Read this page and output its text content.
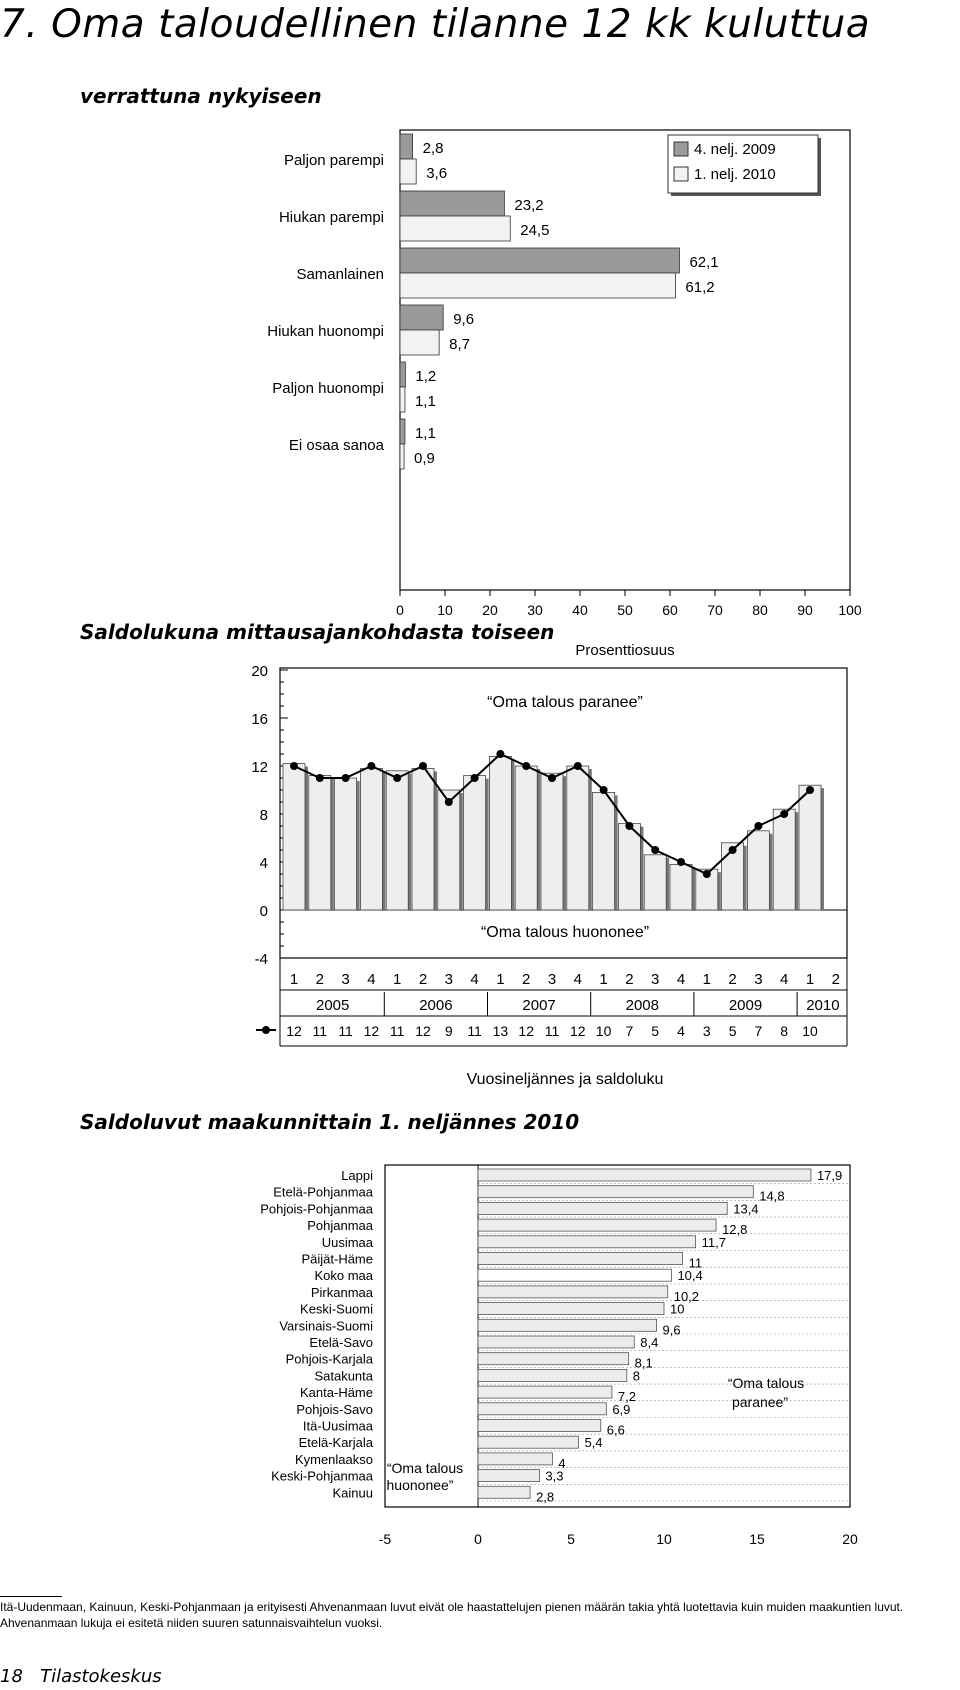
7. Oma taloudellinen tilanne 12 kk kuluttua
verrattuna nykyiseen
0 10 20 30 40 50 60 70 80 90 100
Prosenttiosuus
Paljon parempi
2,8
3,6
Hiukan parempi
23,2
24,5
Samanlainen
62,1
61,2
Hiukan huonompi
9,6
8,7
Paljon huonompi
1,2
1,1
Ei osaa sanoa
1,1
0,9
4. nelj. 2009
1. nelj. 2010
Saldolukuna mittausajankohdasta toiseen
20
16
12
8
4
0
-4
“Oma talous paranee”
“Oma talous huononee”
1 2 3 4 1 2 3 4 1 2 3 4 1 2 3 4 1 2 3 4 1 2
2005	2006	2007	2008	2009	2010
12 11 11 12 11 12 9 11 13 12 11 12 10 7 5 4 3 5 7 8 10
Vuosineljännes ja saldoluku
Saldoluvut maakunnittain 1. neljännes 2010
-5	0	5	10	15	20
Lappi	17,9
Etelä-Pohjanmaa	14,8
Pohjois-Pohjanmaa	13,4
Pohjanmaa	12,8
Uusimaa	11,7
Päijät-Häme	11
Koko maa	10,4
Pirkanmaa	10,2
Keski-Suomi	10
Varsinais-Suomi	9,6
Etelä-Savo	8,4
Pohjois-Karjala	8,1
Satakunta	8
Kanta-Häme	7,2
Pohjois-Savo	6,9
Itä-Uusimaa	6,6
Etelä-Karjala	5,4
Kymenlaakso	4
Keski-Pohjanmaa	3,3
Kainuu	2,8
“Oma talous
huononee”
“Oma talous
paranee”
Itä-Uudenmaan, Kainuun, Keski-Pohjanmaan ja erityisesti Ahvenanmaan luvut eivät ole haastattelujen pienen määrän takia yhtä luotettavia kuin muiden maakuntien luvut.
Ahvenanmaan lukuja ei esitetä niiden suuren satunnaisvaihtelun vuoksi.
18 Tilastokeskus
